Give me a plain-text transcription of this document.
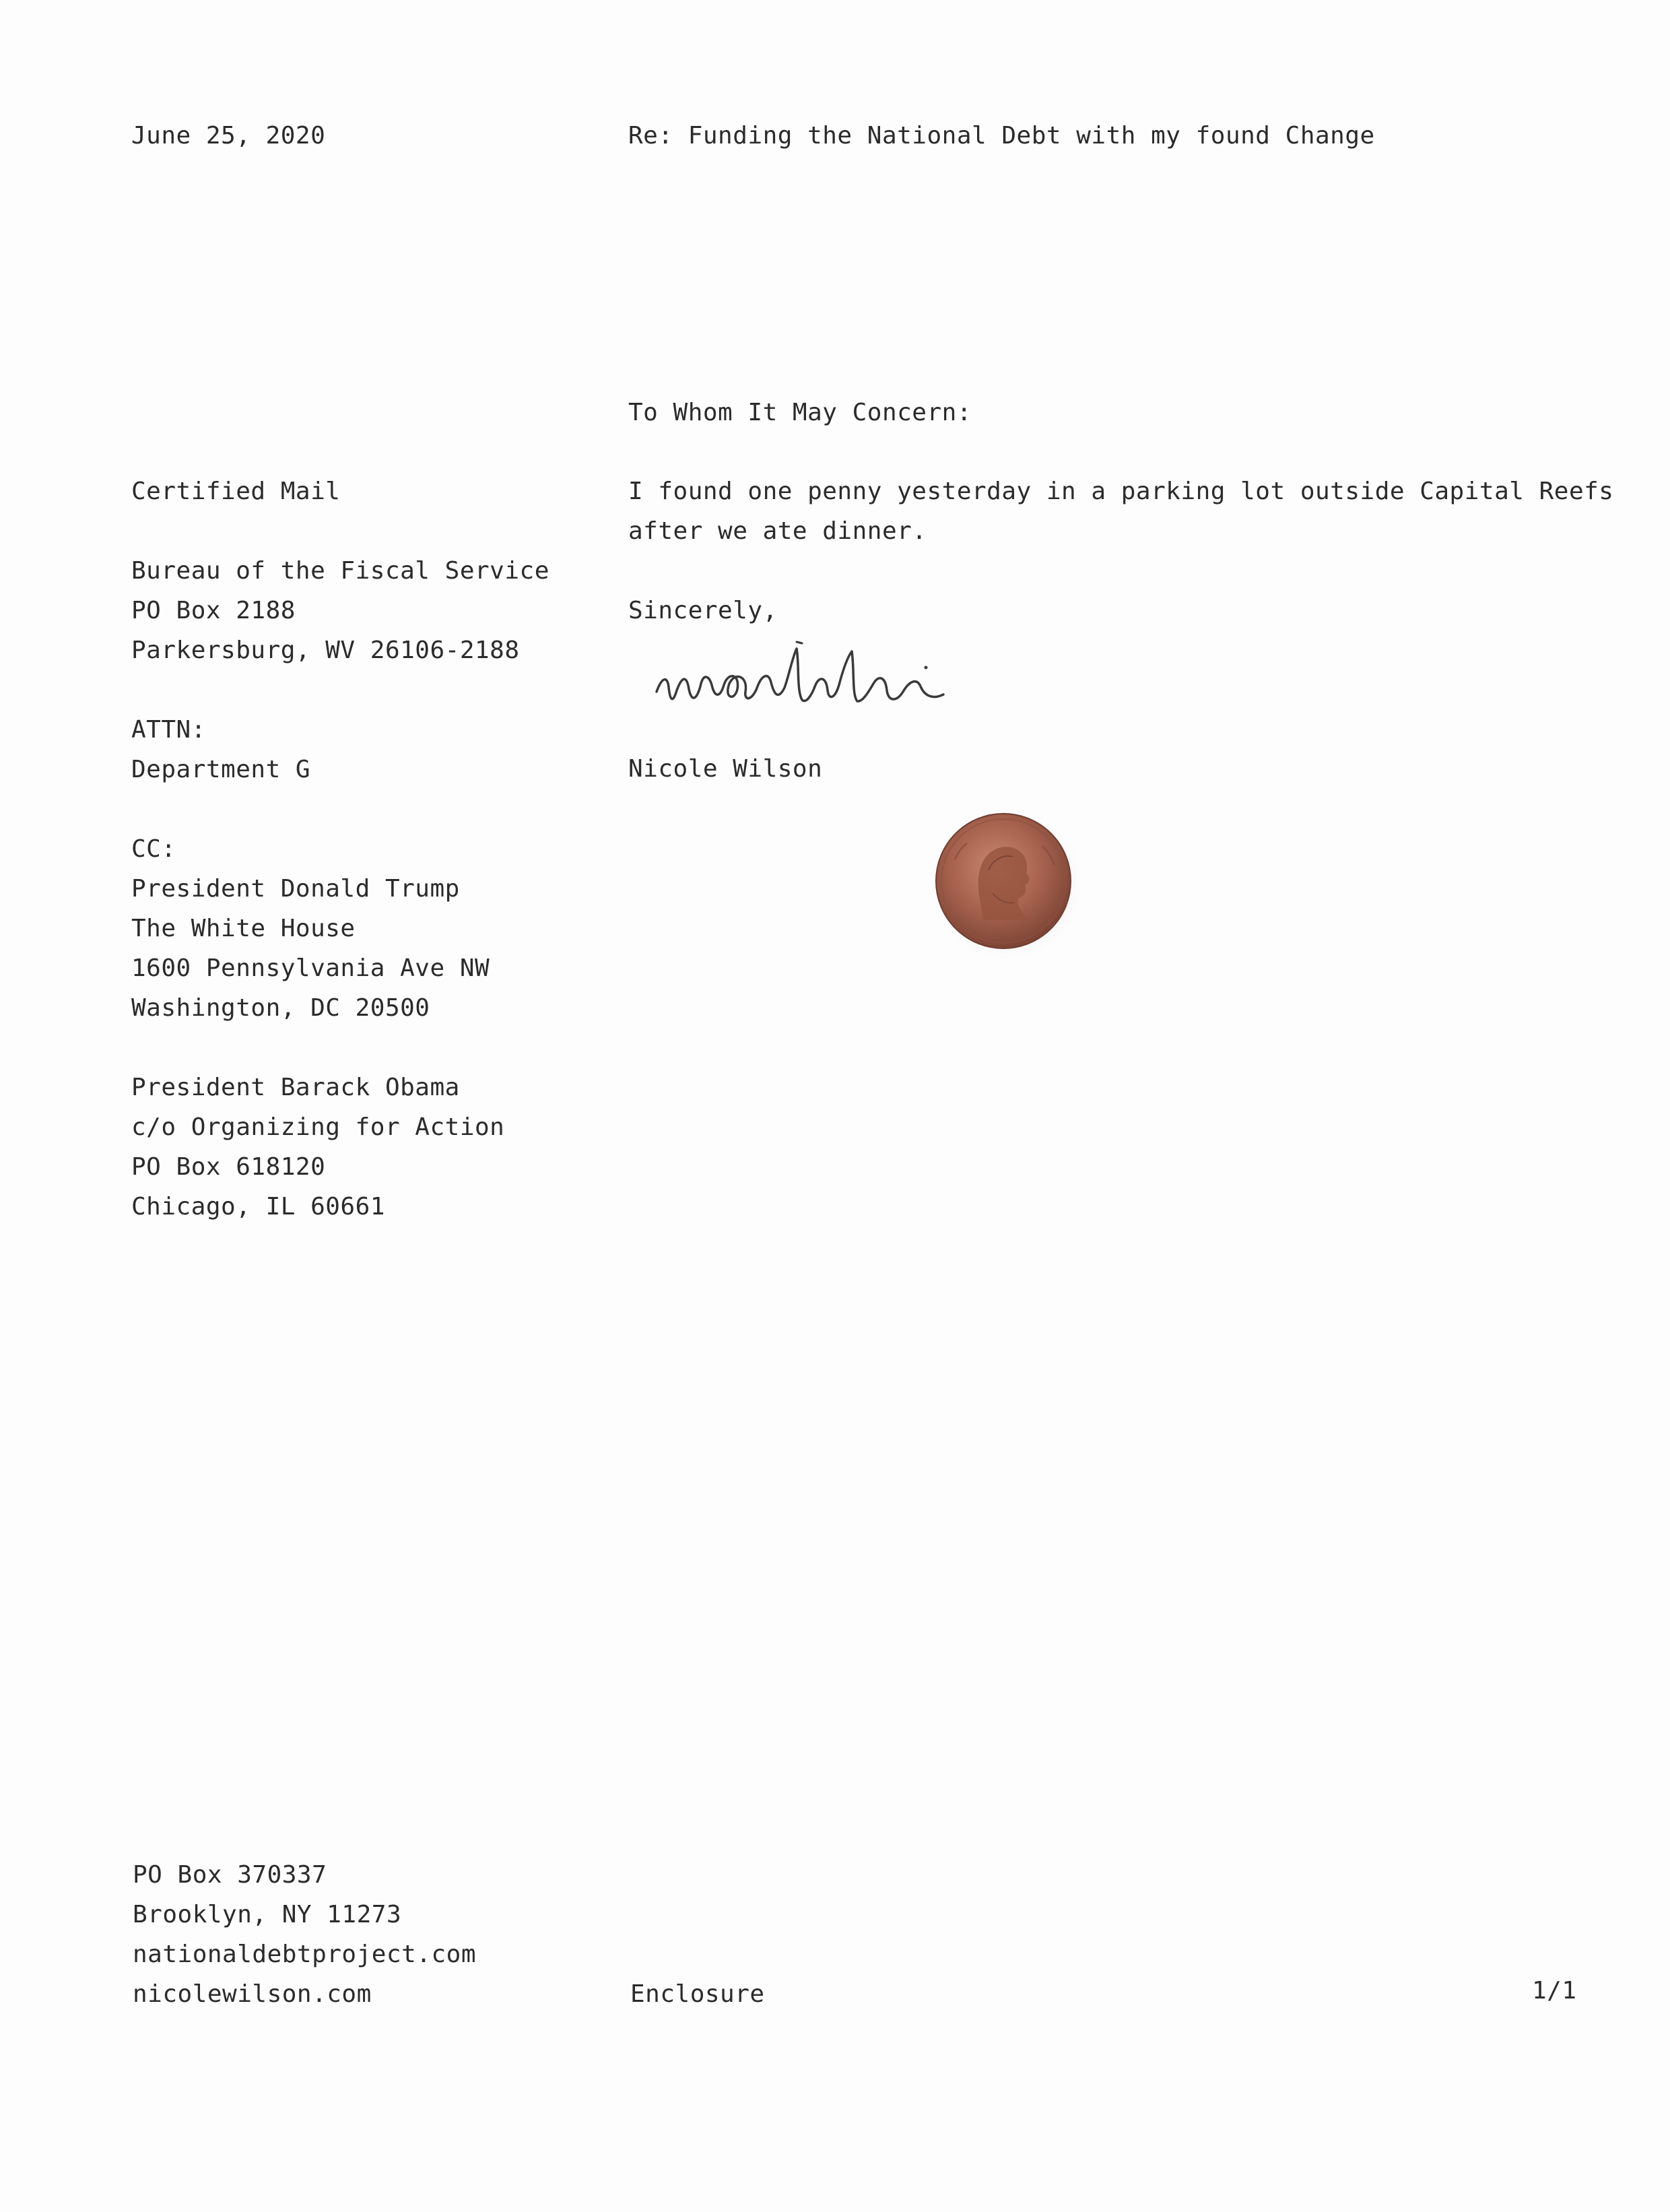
June 25, 2020	Re: Funding the National Debt with my found Change
To Whom It May Concern:
Certified Mail
Bureau of the Fiscal Service
PO Box 2188
Parkersburg, WV 26106-2188
ATTN:
Department G
CC:
President Donald Trump
The White House
1600 Pennsylvania Ave NW
Washington, DC 20500
President Barack Obama
c/o Organizing for Action
PO Box 618120
Chicago, IL 60661
I found one penny yesterday in a parking lot outside Capital Reefs
after we ate dinner.
Sincerely,
Nicole Wilson
PO Box 370337
Brooklyn, NY 11273
nationaldebtproject.com
nicolewilson.com	Enclosure	1/1
